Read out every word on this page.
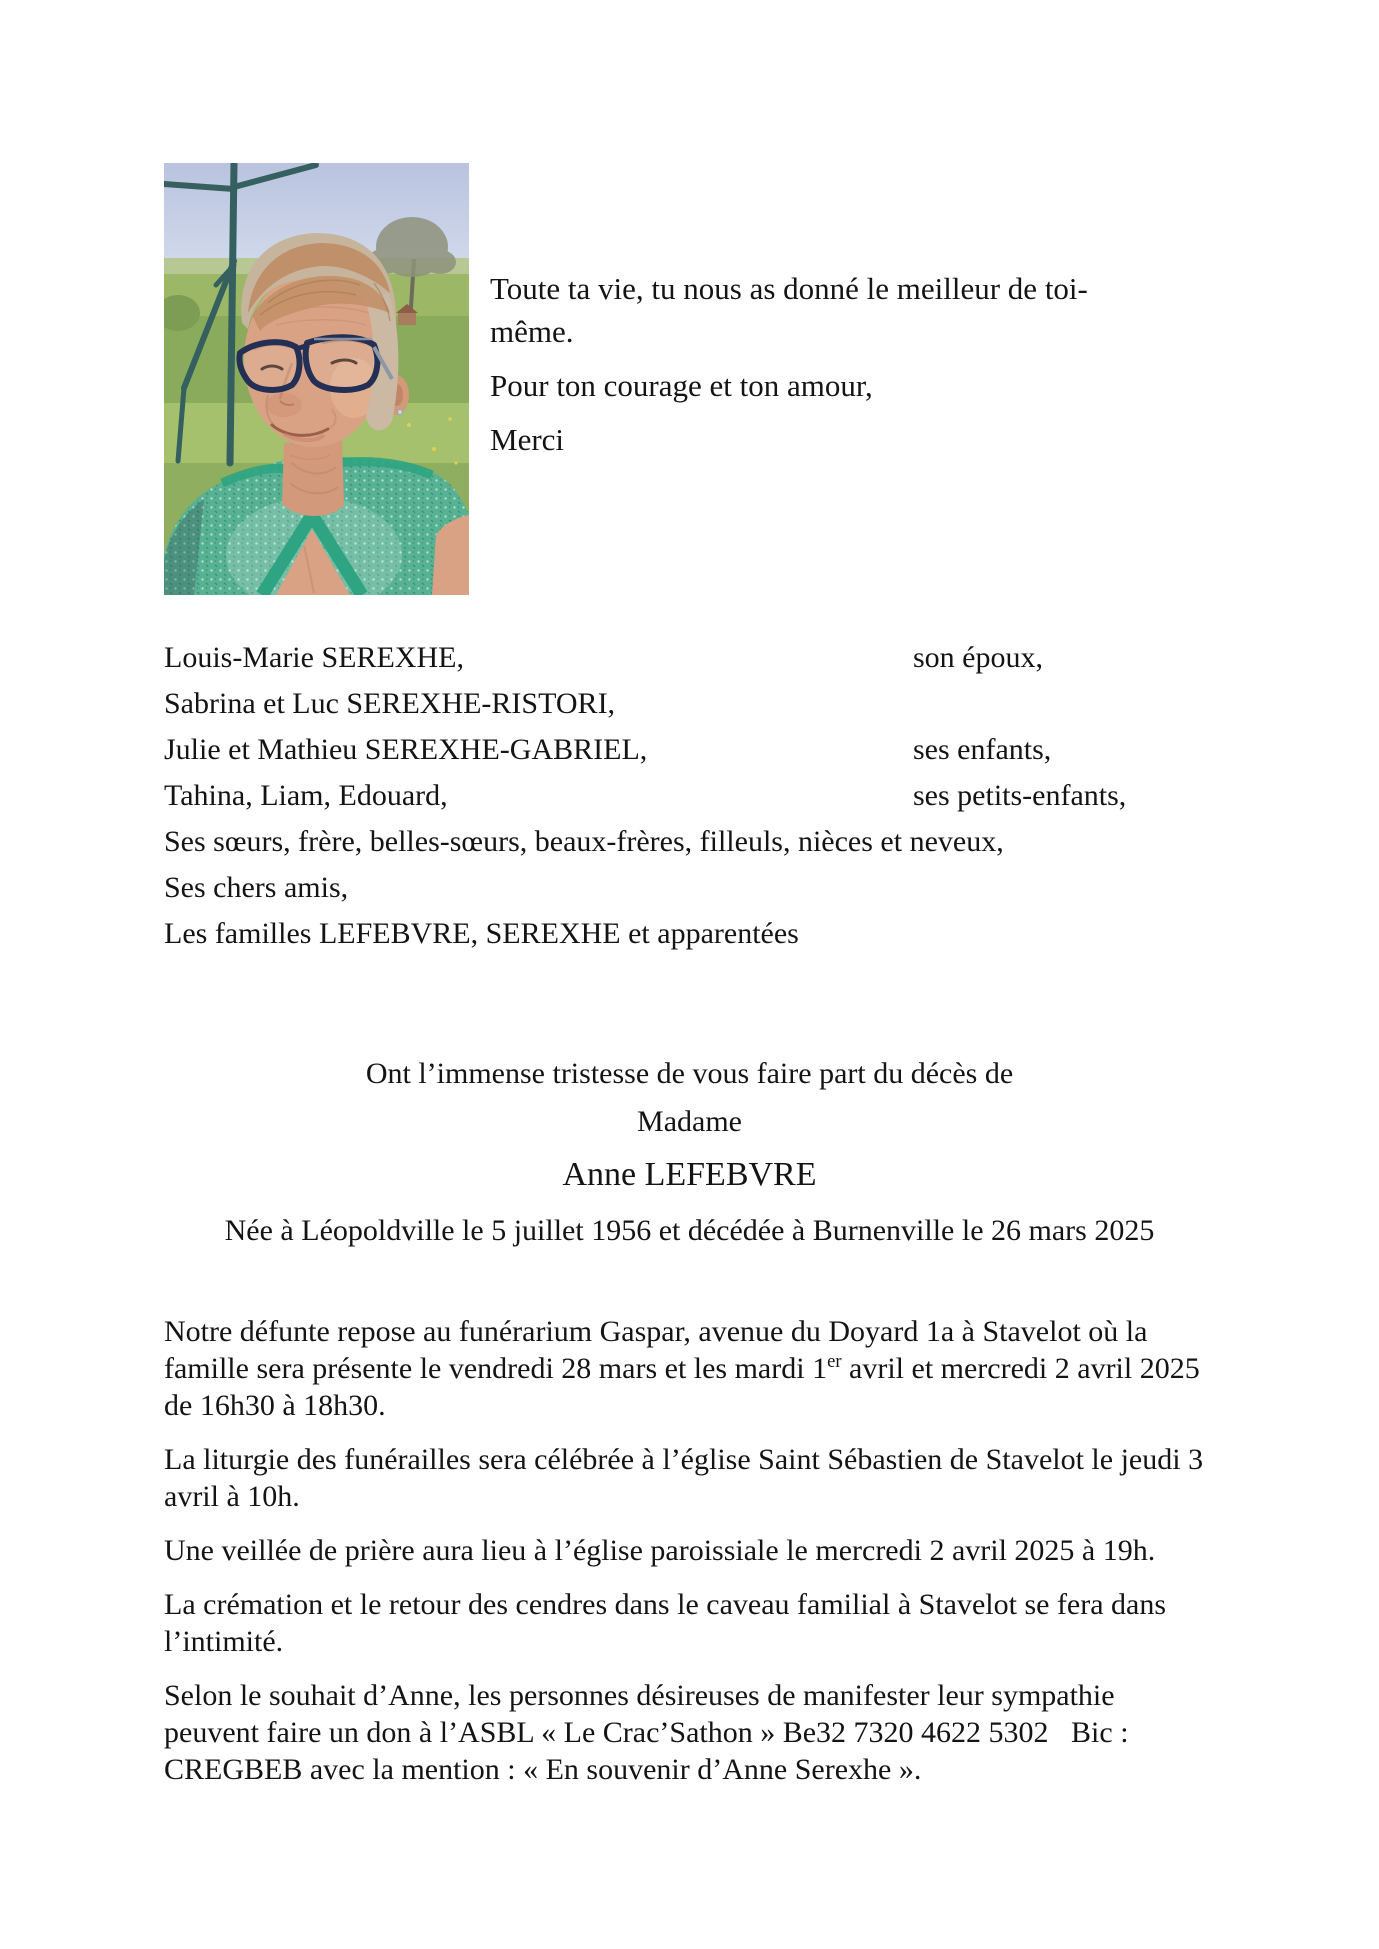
Toute ta vie, tu nous as donné le meilleur de toi-
même.
Pour ton courage et ton amour,
Merci
Louis-Marie SEREXHE,	son époux,
Sabrina et Luc SEREXHE-RISTORI,
Julie et Mathieu SEREXHE-GABRIEL,	ses enfants,
Tahina, Liam, Edouard,	ses petits-enfants,
Ses sœurs, frère, belles-sœurs, beaux-frères, filleuls, nièces et neveux,
Ses chers amis,
Les familles LEFEBVRE, SEREXHE et apparentées
Ont l’immense tristesse de vous faire part du décès de
Madame
Anne LEFEBVRE
Née à Léopoldville le 5 juillet 1956 et décédée à Burnenville le 26 mars 2025

Notre défunte repose au funérarium Gaspar, avenue du Doyard 1a à Stavelot où la famille sera présente le vendredi 28 mars et les mardi 1er avril et mercredi 2 avril 2025 de 16h30 à 18h30.

La liturgie des funérailles sera célébrée à l’église Saint Sébastien de Stavelot le jeudi 3 avril à 10h.

Une veillée de prière aura lieu à l’église paroissiale le mercredi 2 avril 2025 à 19h.

La crémation et le retour des cendres dans le caveau familial à Stavelot se fera dans l’intimité.

Selon le souhait d’Anne, les personnes désireuses de manifester leur sympathie peuvent faire un don à l’ASBL « Le Crac’Sathon » Be32 7320 4622 5302   Bic : CREGBEB avec la mention : « En souvenir d’Anne Serexhe ».
